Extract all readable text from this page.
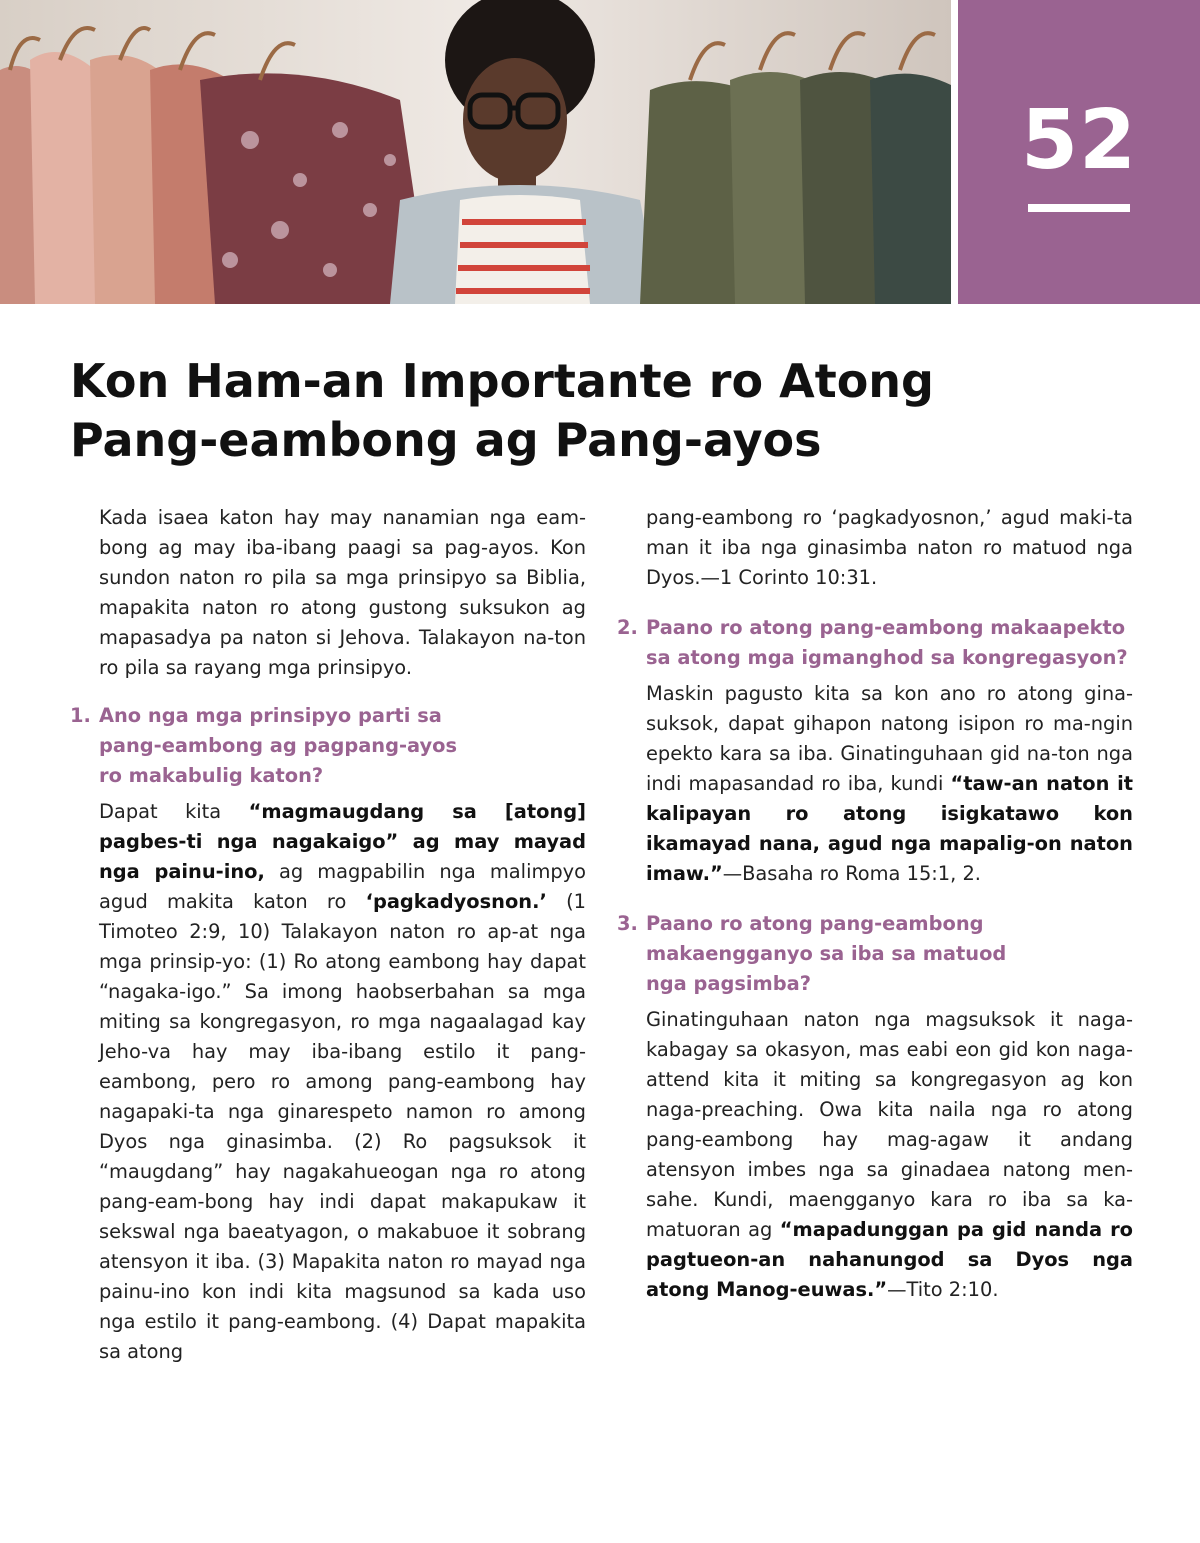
52
Kon Ham-an Importante ro Atong
Pang-eambong ag Pang-ayos

Kada isaea katon hay may nanamian nga eam-bong ag may iba-ibang paagi sa pag-ayos. Kon sundon naton ro pila sa mga prinsipyo sa Biblia, mapakita naton ro atong gustong suksukon ag mapasadya pa naton si Jehova. Talakayon na-ton ro pila sa rayang mga prinsipyo.

1. Ano nga mga prinsipyo parti sa
pang-eambong ag pagpang-ayos
ro makabulig katon?

Dapat kita “magmaugdang sa [atong] pagbes-ti nga nagakaigo” ag may mayad nga painu-ino, ag magpabilin nga malimpyo agud makita katon ro ‘pagkadyosnon.’ (1 Timoteo 2:9, 10) Talakayon naton ro ap-at nga mga prinsip-yo: (1) Ro atong eambong hay dapat “nagaka-igo.” Sa imong haobserbahan sa mga miting sa kongregasyon, ro mga nagaalagad kay Jeho-va hay may iba-ibang estilo it pang-eambong, pero ro among pang-eambong hay nagapaki-ta nga ginarespeto namon ro among Dyos nga ginasimba. (2) Ro pagsuksok it “maugdang” hay nagakahueogan nga ro atong pang-eam-bong hay indi dapat makapukaw it sekswal nga baeatyagon, o makabuoe it sobrang atensyon it iba. (3) Mapakita naton ro mayad nga painu-ino kon indi kita magsunod sa kada uso nga estilo it pang-eambong. (4) Dapat mapakita sa atong

pang-eambong ro ‘pagkadyosnon,’ agud maki-ta man it iba nga ginasimba naton ro matuod nga Dyos.—1 Corinto 10:31.

2. Paano ro atong pang-eambong makaapekto
sa atong mga igmanghod sa kongregasyon?

Maskin pagusto kita sa kon ano ro atong gina-suksok, dapat gihapon natong isipon ro ma-ngin epekto kara sa iba. Ginatinguhaan gid na-ton nga indi mapasandad ro iba, kundi “taw-an naton it kalipayan ro atong isigkatawo kon ikamayad nana, agud nga mapalig-on naton imaw.”—Basaha ro Roma 15:1, 2.

3. Paano ro atong pang-eambong
makaengganyo sa iba sa matuod
nga pagsimba?

Ginatinguhaan naton nga magsuksok it naga-kabagay sa okasyon, mas eabi eon gid kon naga-attend kita it miting sa kongregasyon ag kon naga-preaching. Owa kita naila nga ro atong pang-eambong hay mag-agaw it andang atensyon imbes nga sa ginadaea natong men-sahe. Kundi, maengganyo kara ro iba sa ka-matuoran ag “mapadunggan pa gid nanda ro pagtueon-an nahanungod sa Dyos nga atong Manog-euwas.”—Tito 2:10.
